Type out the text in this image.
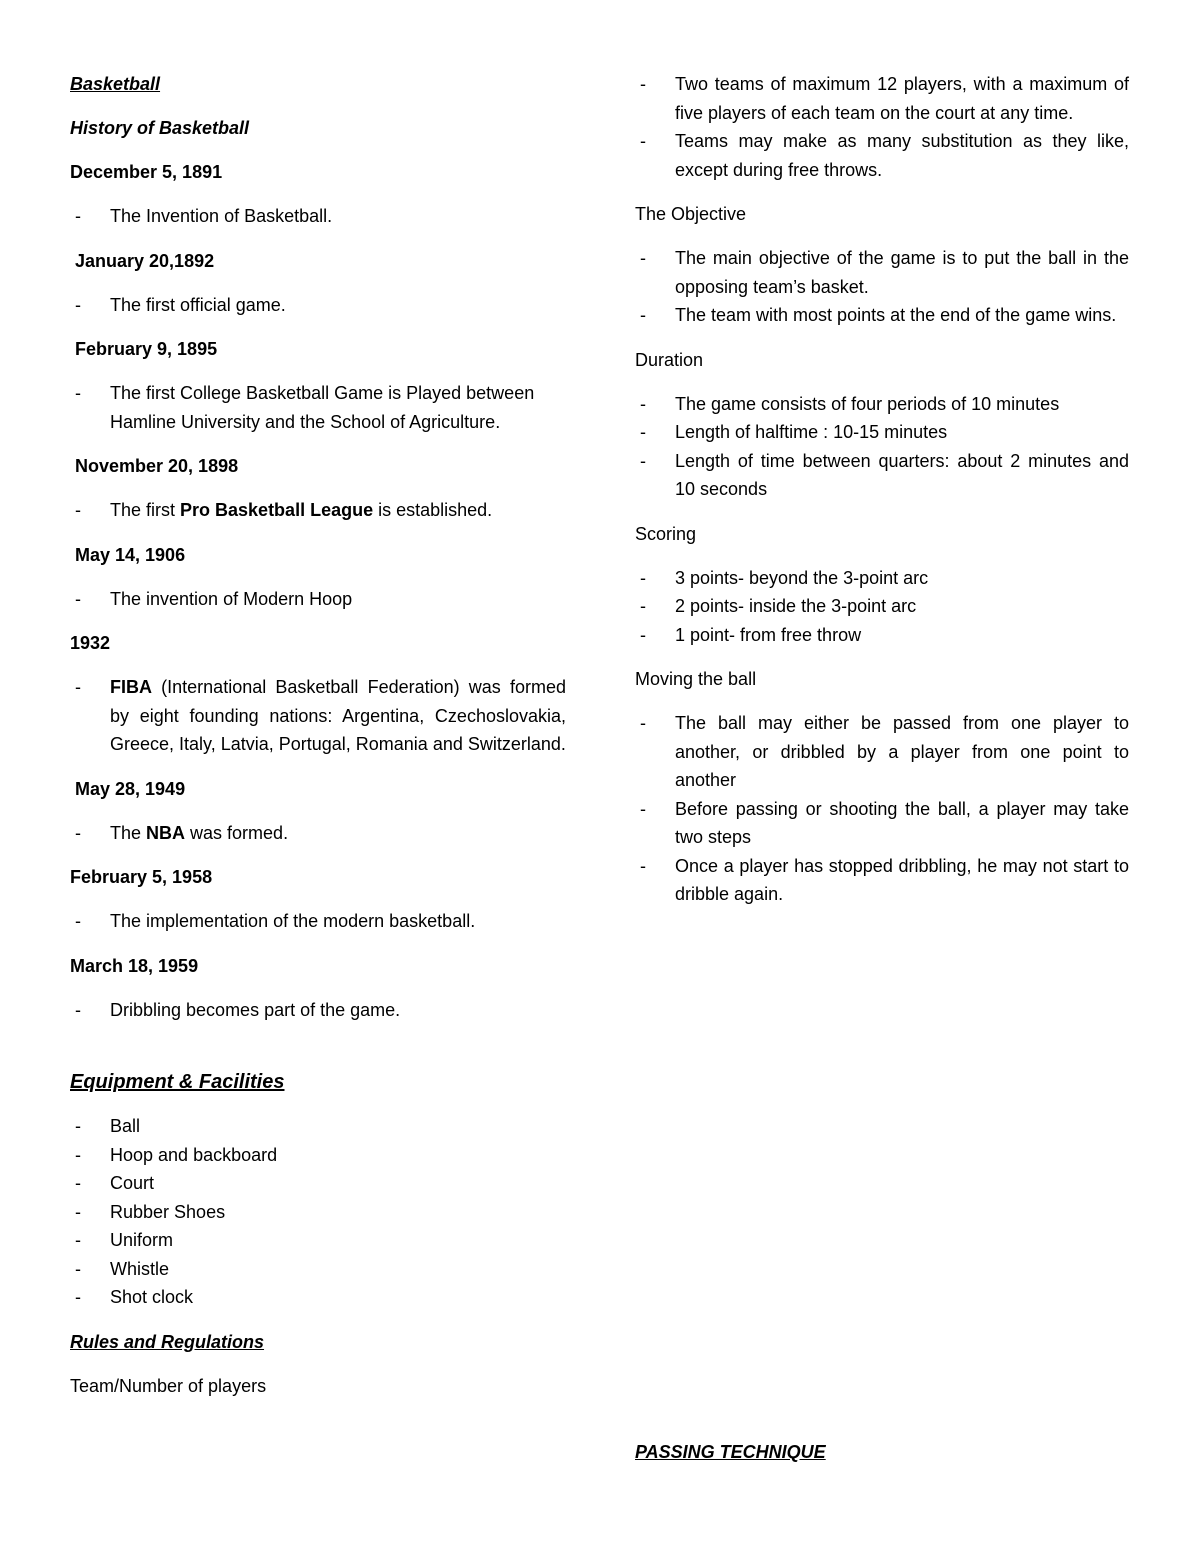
Basketball

History of Basketball

December 5, 1891

- The Invention of Basketball.

January 20,1892

- The first official game.

February 9, 1895

- The first College Basketball Game is Played between Hamline University and the School of Agriculture.

November 20, 1898

- The first Pro Basketball League is established.

May 14, 1906

- The invention of Modern Hoop

1932

- FIBA (International Basketball Federation) was formed by eight founding nations: Argentina, Czechoslovakia, Greece, Italy, Latvia, Portugal, Romania and Switzerland.

May 28, 1949

- The NBA was formed.

February 5, 1958

- The implementation of the modern basketball.

March 18, 1959

- Dribbling becomes part of the game.

Equipment & Facilities

- Ball
- Hoop and backboard
- Court
- Rubber Shoes
- Uniform
- Whistle
- Shot clock

Rules and Regulations

Team/Number of players

- Two teams of maximum 12 players, with a maximum of five players of each team on the court at any time.
- Teams may make as many substitution as they like, except during free throws.

The Objective

- The main objective of the game is to put the ball in the opposing team’s basket.
- The team with most points at the end of the game wins.

Duration

- The game consists of four periods of 10 minutes
- Length of halftime : 10-15 minutes
- Length of time between quarters: about 2 minutes and 10 seconds

Scoring

- 3 points- beyond the 3-point arc
- 2 points- inside the 3-point arc
- 1 point- from free throw

Moving the ball

- The ball may either be passed from one player to another, or dribbled by a player from one point to another
- Before passing or shooting the ball, a player may take two steps
- Once a player has stopped dribbling, he may not start to dribble again.

PASSING TECHNIQUE
